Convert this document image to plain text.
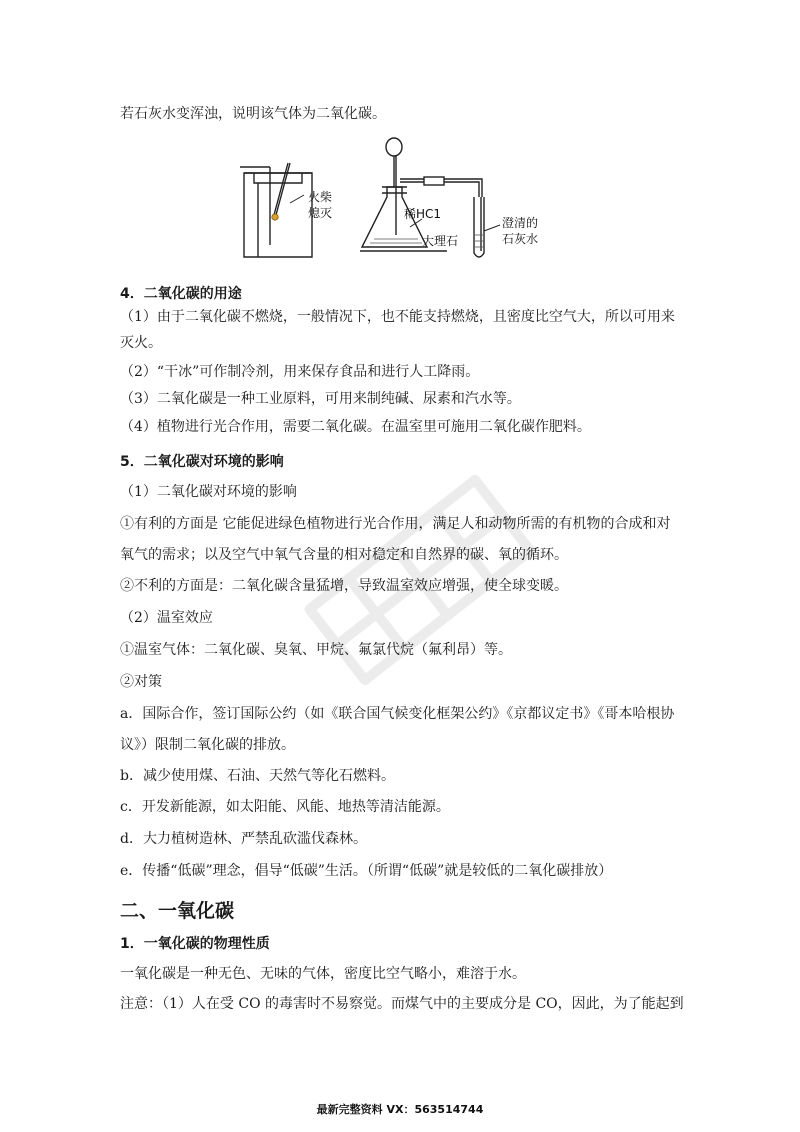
若石灰水变浑浊，说明该气体为二氧化碳。
火柴
熄灭	稀HC1
大理石
澄清的
石灰水
4．二氧化碳的用途
（1）由于二氧化碳不燃烧，一般情况下，也不能支持燃烧，且密度比空气大，所以可用来
灭火。
（2）“干冰”可作制冷剂，用来保存食品和进行人工降雨。
（3）二氧化碳是一种工业原料，可用来制纯碱、尿素和汽水等。
（4）植物进行光合作用，需要二氧化碳。在温室里可施用二氧化碳作肥料。
5．二氧化碳对环境的影响
（1）二氧化碳对环境的影响
①有利的方面是 它能促进绿色植物进行光合作用，满足人和动物所需的有机物的合成和对
氧气的需求；以及空气中氧气含量的相对稳定和自然界的碳、氧的循环。
②不利的方面是：二氧化碳含量猛增，导致温室效应增强，使全球变暖。
（2）温室效应
①温室气体：二氧化碳、臭氧、甲烷、氟氯代烷（氟利昂）等。
②对策
a．国际合作，签订国际公约（如《联合国气候变化框架公约》《京都议定书》《哥本哈根协
议》）限制二氧化碳的排放。
b．减少使用煤、石油、天然气等化石燃料。
c．开发新能源，如太阳能、风能、地热等清洁能源。
d．大力植树造林、严禁乱砍滥伐森林。
e．传播“低碳”理念，倡导“低碳”生活。（所谓“低碳”就是较低的二氧化碳排放）
二、一氧化碳
1．一氧化碳的物理性质
一氧化碳是一种无色、无味的气体，密度比空气略小，难溶于水。
注意：（1）人在受 CO 的毒害时不易察觉。而煤气中的主要成分是 CO，因此，为了能起到
最新完整资料 VX：563514744
